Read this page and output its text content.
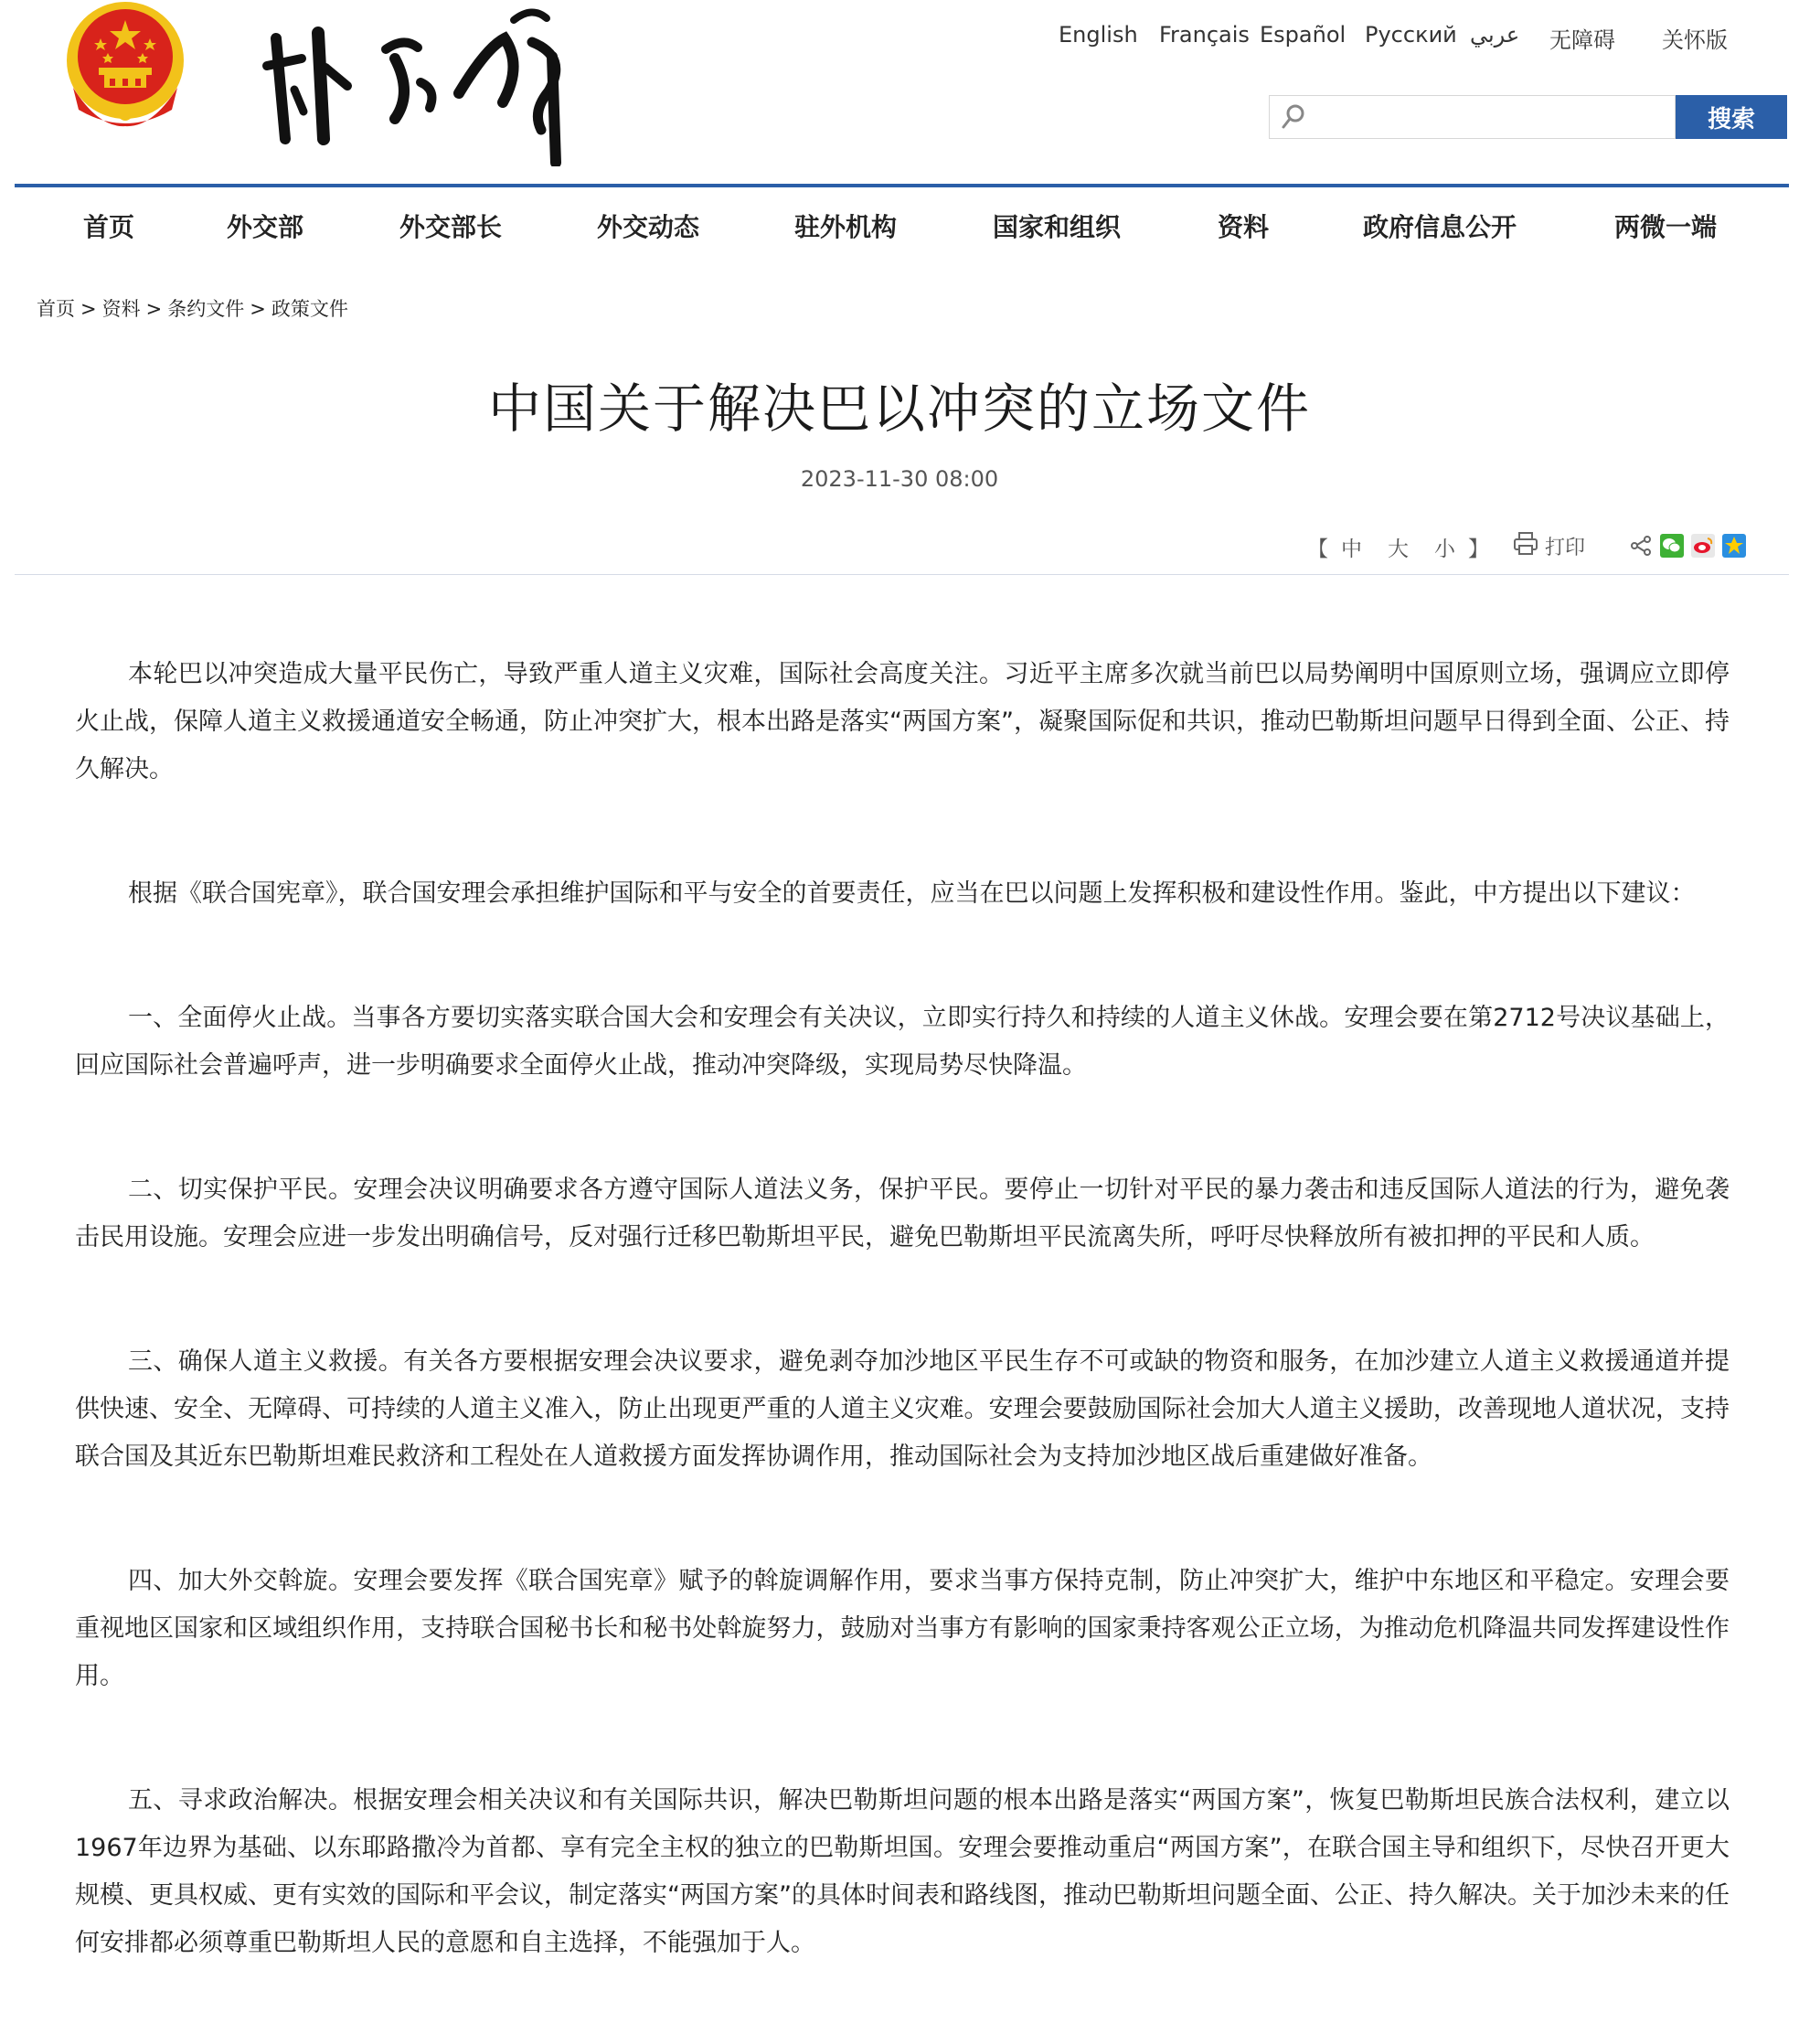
English Français Español Русский عربي 无障碍 关怀版
搜索
首页	外交部	外交部长	外交动态	驻外机构	国家和组织	资料	政府信息公开	两微一端
首页 > 资料 > 条约文件 > 政策文件
中国关于解决巴以冲突的立场文件
2023-11-30 08:00
【 中 大 小 】	打印

本轮巴以冲突造成大量平民伤亡，导致严重人道主义灾难，国际社会高度关注。习近平主席多次就当前巴以局势阐明中国原则立场，强调应立即停火止战，保障人道主义救援通道安全畅通，防止冲突扩大，根本出路是落实“两国方案”，凝聚国际促和共识，推动巴勒斯坦问题早日得到全面、公正、持久解决。

根据《联合国宪章》，联合国安理会承担维护国际和平与安全的首要责任，应当在巴以问题上发挥积极和建设性作用。鉴此，中方提出以下建议：

一、全面停火止战。当事各方要切实落实联合国大会和安理会有关决议，立即实行持久和持续的人道主义休战。安理会要在第2712号决议基础上，回应国际社会普遍呼声，进一步明确要求全面停火止战，推动冲突降级，实现局势尽快降温。

二、切实保护平民。安理会决议明确要求各方遵守国际人道法义务，保护平民。要停止一切针对平民的暴力袭击和违反国际人道法的行为，避免袭击民用设施。安理会应进一步发出明确信号，反对强行迁移巴勒斯坦平民，避免巴勒斯坦平民流离失所，呼吁尽快释放所有被扣押的平民和人质。

三、确保人道主义救援。有关各方要根据安理会决议要求，避免剥夺加沙地区平民生存不可或缺的物资和服务，在加沙建立人道主义救援通道并提供快速、安全、无障碍、可持续的人道主义准入，防止出现更严重的人道主义灾难。安理会要鼓励国际社会加大人道主义援助，改善现地人道状况，支持联合国及其近东巴勒斯坦难民救济和工程处在人道救援方面发挥协调作用，推动国际社会为支持加沙地区战后重建做好准备。

四、加大外交斡旋。安理会要发挥《联合国宪章》赋予的斡旋调解作用，要求当事方保持克制，防止冲突扩大，维护中东地区和平稳定。安理会要重视地区国家和区域组织作用，支持联合国秘书长和秘书处斡旋努力，鼓励对当事方有影响的国家秉持客观公正立场，为推动危机降温共同发挥建设性作用。

五、寻求政治解决。根据安理会相关决议和有关国际共识，解决巴勒斯坦问题的根本出路是落实“两国方案”，恢复巴勒斯坦民族合法权利，建立以1967年边界为基础、以东耶路撒冷为首都、享有完全主权的独立的巴勒斯坦国。安理会要推动重启“两国方案”，在联合国主导和组织下，尽快召开更大规模、更具权威、更有实效的国际和平会议，制定落实“两国方案”的具体时间表和路线图，推动巴勒斯坦问题全面、公正、持久解决。关于加沙未来的任何安排都必须尊重巴勒斯坦人民的意愿和自主选择，不能强加于人。
